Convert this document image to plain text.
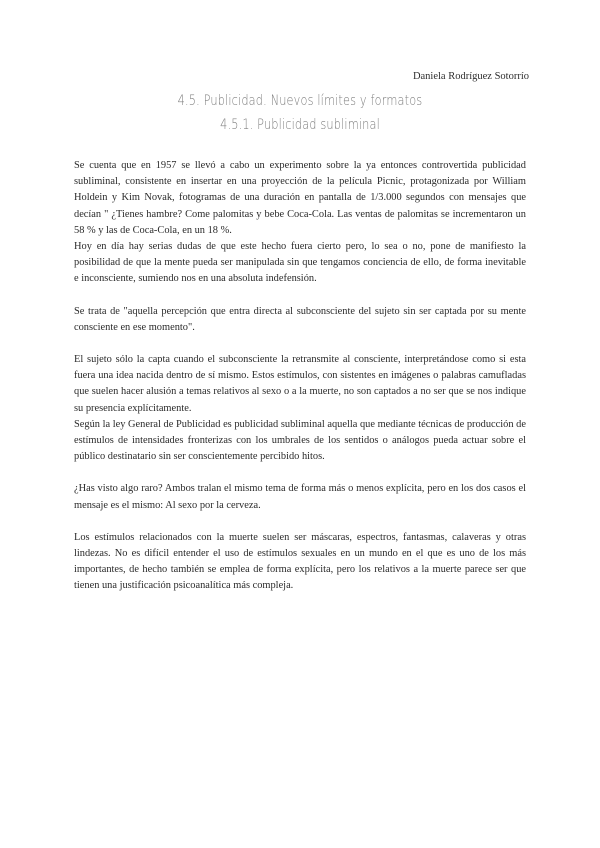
Daniela Rodríguez Sotorrío
4.5. Publicidad. Nuevos límites y formatos
4.5.1. Publicidad subliminal

Se cuenta que en 1957 se llevó a cabo un experimento sobre la ya entonces controvertida publicidad subliminal, consistente en insertar en una proyección de la película Picnic, protagonizada por William Holdein y Kim Novak, fotogramas de una duración en pantalla de 1/3.000 segundos con mensajes que decían " ¿Tienes hambre? Come palomitas y bebe Coca-Cola. Las ventas de palomitas se incrementaron un 58 % y las de Coca-Cola, en un 18 %.

Hoy en día hay serias dudas de que este hecho fuera cierto pero, lo sea o no, pone de manifiesto la posibilidad de que la mente pueda ser manipulada sin que tengamos conciencia de ello, de forma inevitable e inconsciente, sumiendo nos en una absoluta indefensión.

Se trata de "aquella percepción que entra directa al subconsciente del sujeto sin ser captada por su mente consciente en ese momento".

El sujeto sólo la capta cuando el subconsciente la retransmite al consciente, interpretándose como si esta fuera una idea nacida dentro de sí mismo. Estos estímulos, con sistentes en imágenes o palabras camufladas que suelen hacer alusión a temas relativos al sexo o a la muerte, no son captados a no ser que se nos indique su presencia explícitamente.

Según la ley General de Publicidad es publicidad subliminal aquella que mediante técnicas de producción de estímulos de intensidades fronterizas con los umbrales de los sentidos o análogos pueda actuar sobre el público destinatario sin ser conscientemente percibido hitos.

¿Has visto algo raro? Ambos tralan el mismo tema de forma más o menos explícita, pero en los dos casos el mensaje es el mismo: Al sexo por la cerveza.

Los estímulos relacionados con la muerte suelen ser máscaras, espectros, fantasmas, calaveras y otras lindezas. No es difícil entender el uso de estímulos sexuales en un mundo en el que es uno de los más importantes, de hecho también se emplea de forma explícita, pero los relativos a la muerte parece ser que tienen una justificación psicoanalítica más compleja.
